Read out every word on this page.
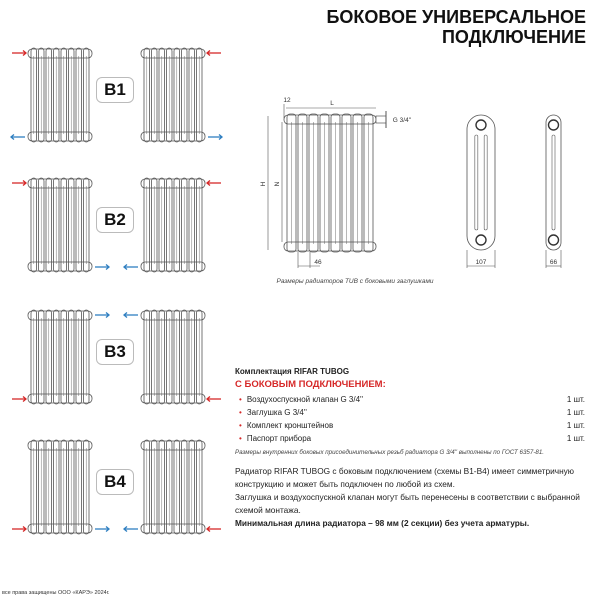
БОКОВОЕ УНИВЕРСАЛЬНОЕ
ПОДКЛЮЧЕНИЕ
В1
В2
В3
В4
L
12
G 3/4''
H N
46	107	66
Размеры радиаторов TUB с боковыми заглушками
Комплектация RIFAR TUBOG
С БОКОВЫМ ПОДКЛЮЧЕНИЕМ:
• Воздухоспускной клапан G 3/4''	1 шт.
• Заглушка G 3/4''	1 шт.
• Комплект кронштейнов	1 шт.
• Паспорт прибора	1 шт.
Размеры внутренних боковых присоединительных резьб радиатора G 3/4'' выполнены по ГОСТ 6357-81.
Радиатор RIFAR TUBOG с боковым подключением (схемы В1-В4) имеет симметричную конструкцию и может быть подключен по любой из схем.
Заглушка и воздухоспускной клапан могут быть перенесены в соответствии с выбранной схемой монтажа.
Минимальная длина радиатора – 98 мм (2 секции) без учета арматуры.
все права защищены ООО «КАРЭ» 2024г.
